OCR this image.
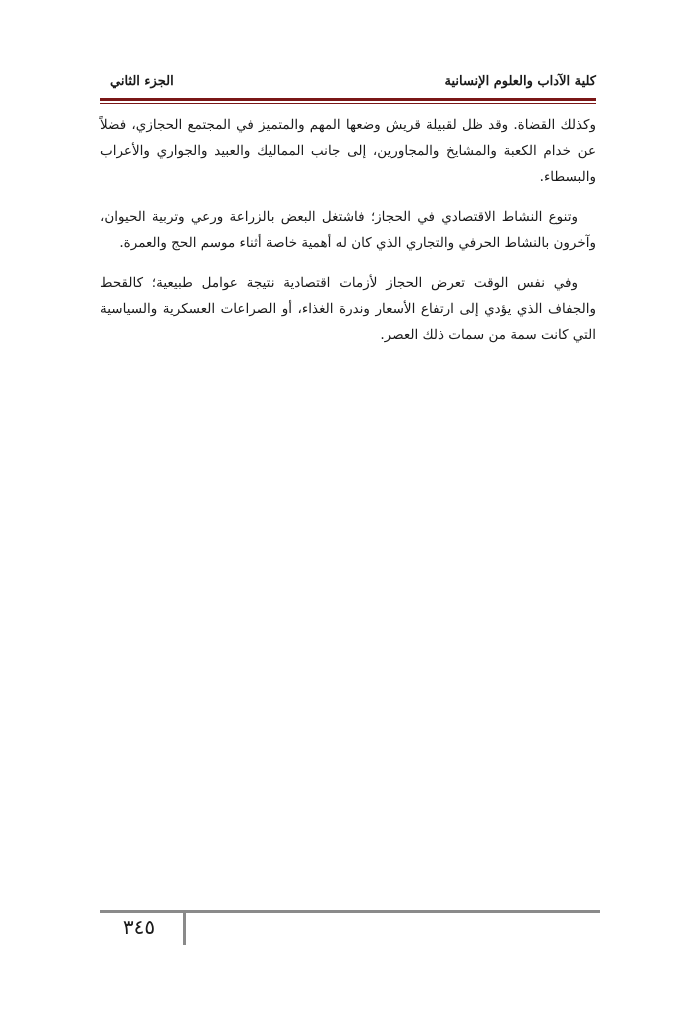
كلية الآداب والعلوم الإنسانية
الجزء الثاني

وكذلك القضاة. وقد ظل لقبيلة قريش وضعها المهم والمتميز في المجتمع الحجازي، فضلاً عن خدام الكعبة والمشايخ والمجاورين، إلى جانب المماليك والعبيد والجواري والأعراب والبسطاء.

وتنوع النشاط الاقتصادي في الحجاز؛ فاشتغل البعض بالزراعة ورعي وتربية الحيوان، وآخرون بالنشاط الحرفي والتجاري الذي كان له أهمية خاصة أثناء موسم الحج والعمرة.

وفي نفس الوقت تعرض الحجاز لأزمات اقتصادية نتيجة عوامل طبيعية؛ كالقحط والجفاف الذي يؤدي إلى ارتفاع الأسعار وندرة الغذاء، أو الصراعات العسكرية والسياسية التي كانت سمة من سمات ذلك العصر.

٣٤٥
